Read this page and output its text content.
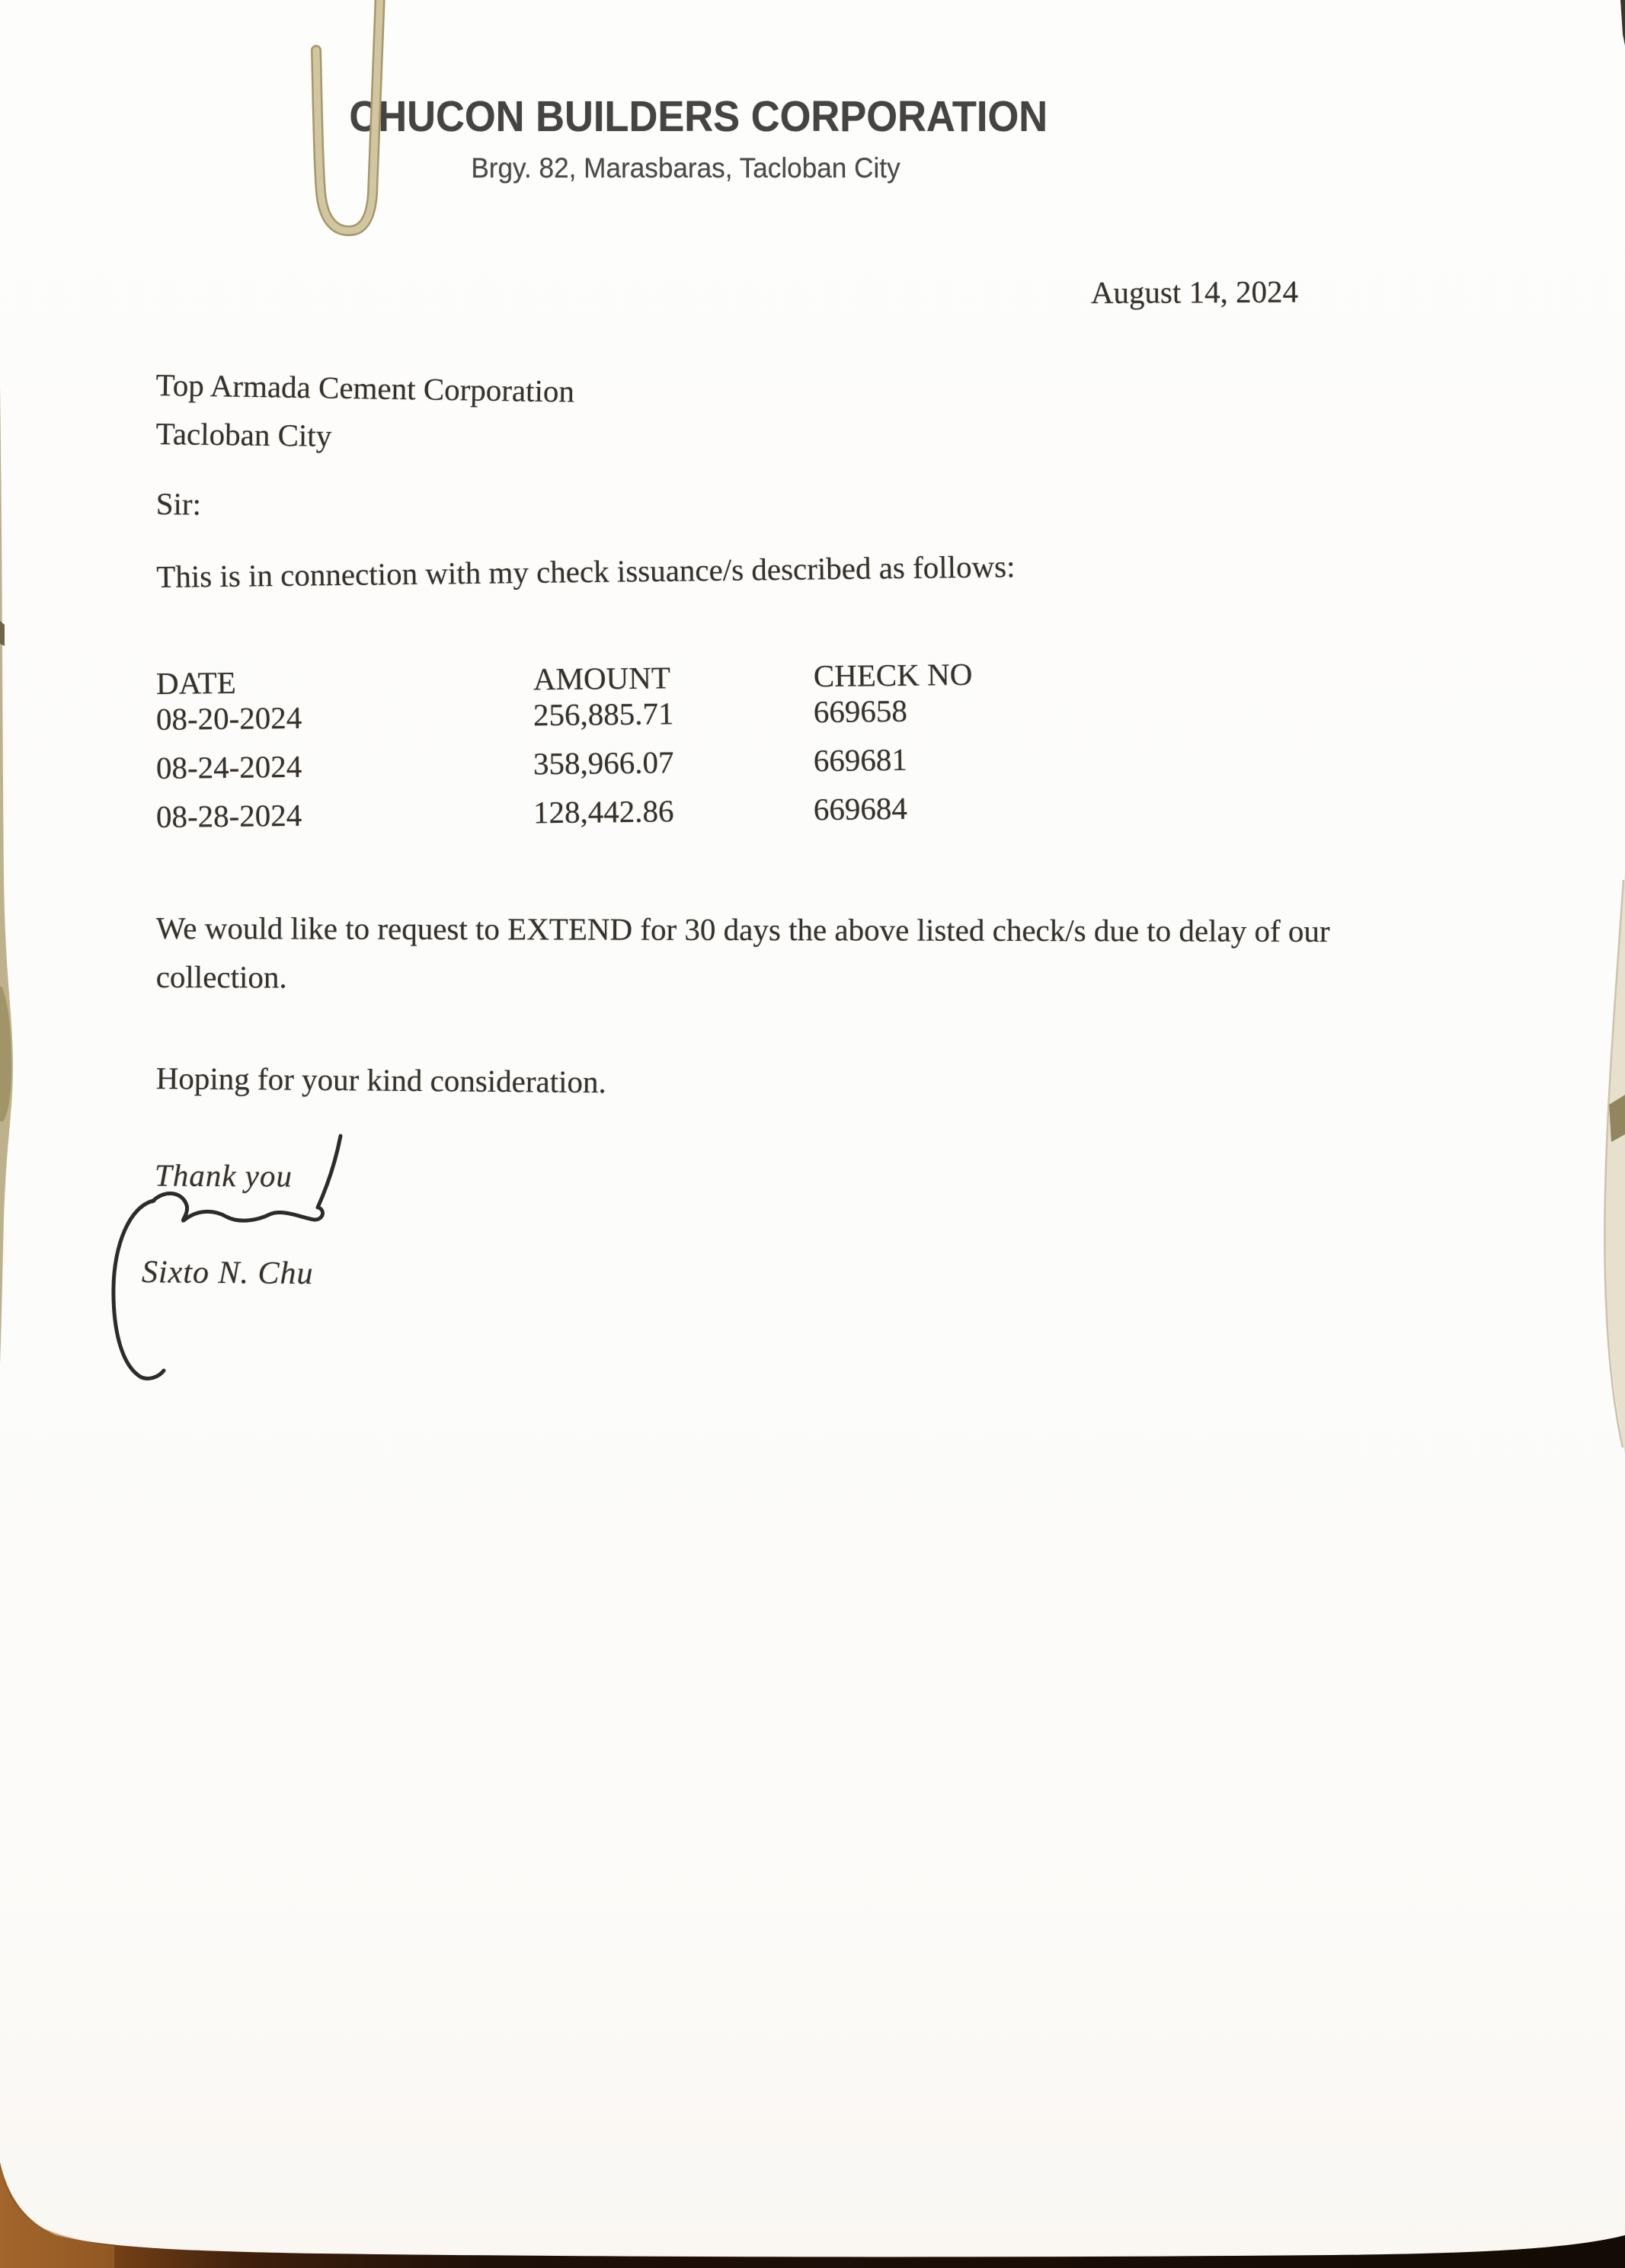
CHUCON BUILDERS CORPORATION
Brgy. 82, Marasbaras, Tacloban City
August 14, 2024
Top Armada Cement Corporation
Tacloban City
Sir:
This is in connection with my check issuance/s described as follows:
DATE	AMOUNT	CHECK NO
08-20-2024	256,885.71	669658
08-24-2024	358,966.07	669681
08-28-2024	128,442.86	669684
We would like to request to EXTEND for 30 days the above listed check/s due to delay of our collection.
Hoping for your kind consideration.
Thank you
Sixto N. Chu
